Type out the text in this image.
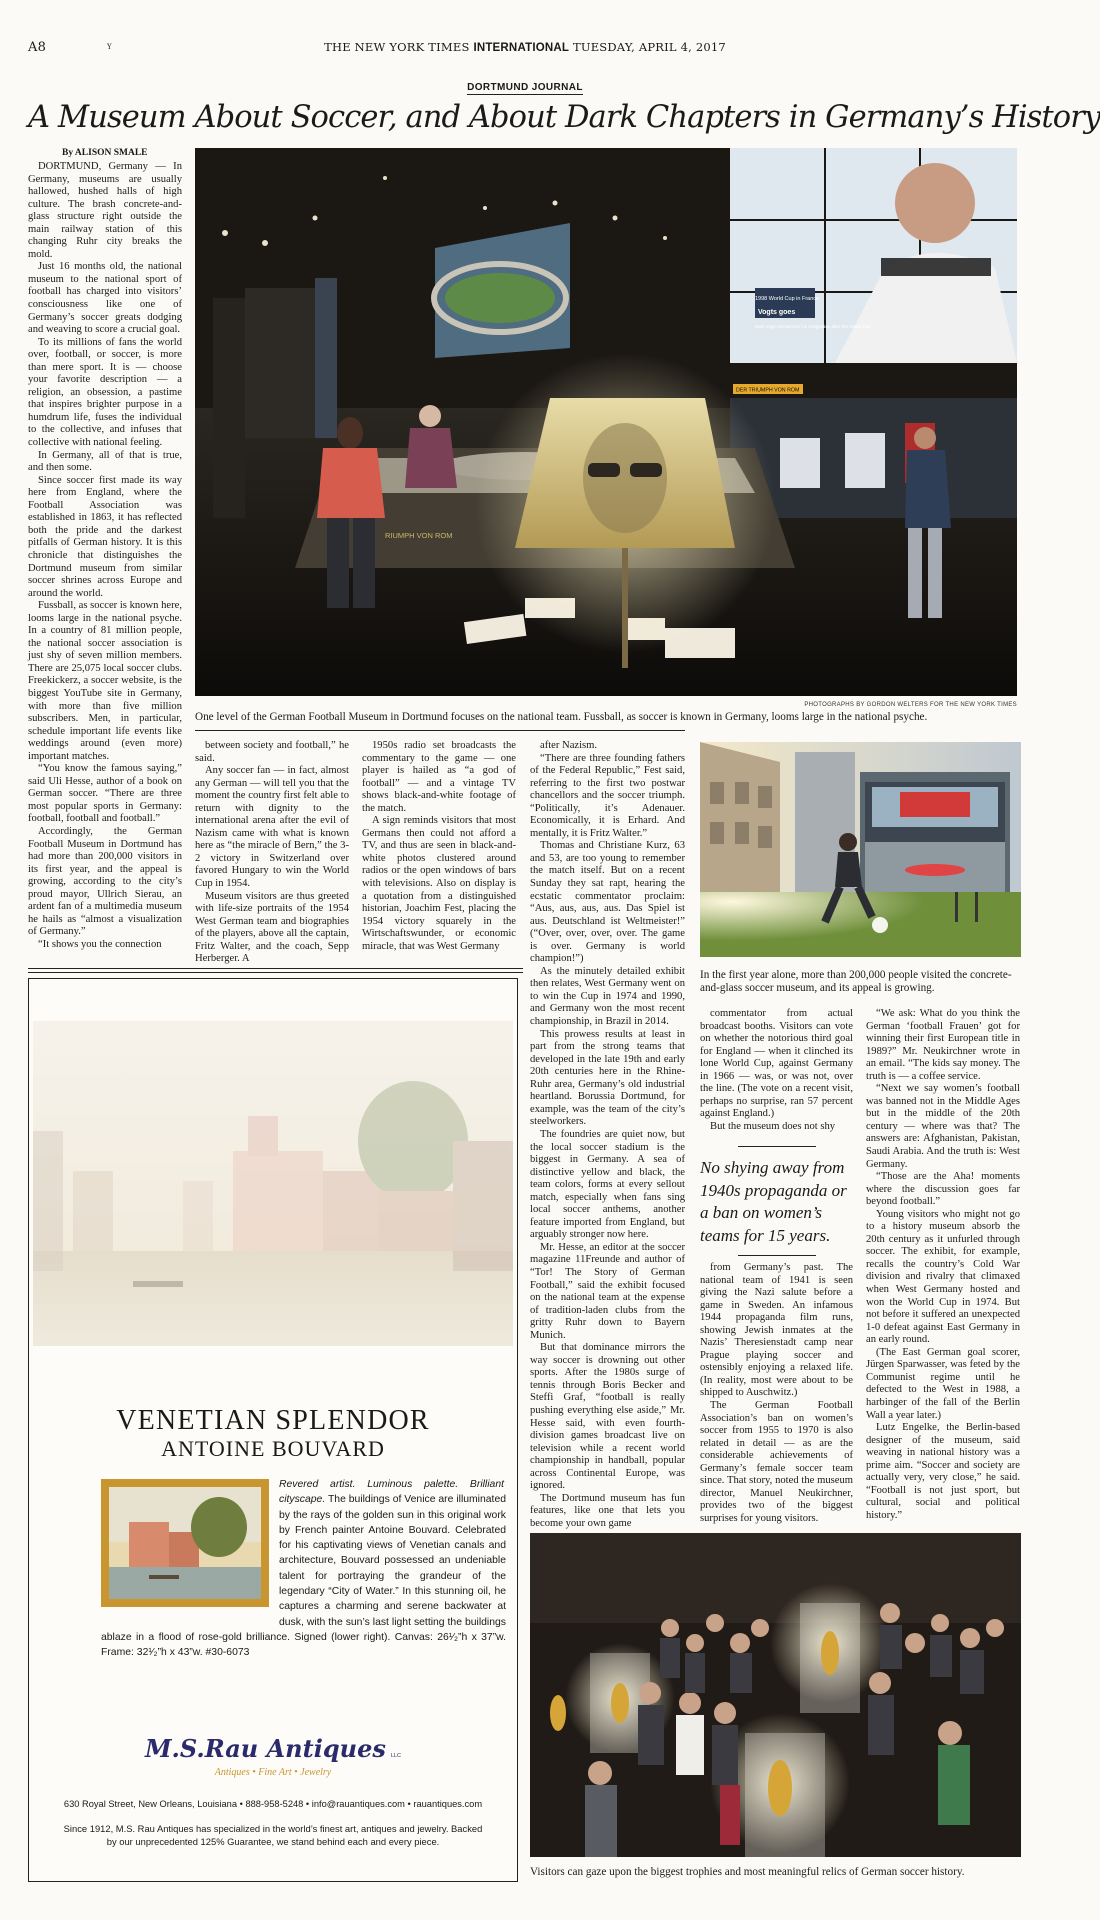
A8	Y	THE NEW YORK TIMES INTERNATIONAL TUESDAY, APRIL 4, 2017
DORTMUND JOURNAL
A Museum About Soccer, and About Dark Chapters in Germany’s History
By ALISON SMALE

DORTMUND, Germany — In Germany, museums are usually hallowed, hushed halls of high culture. The brash concrete-and-glass structure right outside the main railway station of this changing Ruhr city breaks the mold.

Just 16 months old, the national museum to the national sport of football has charged into visitors’ consciousness like one of Germany’s soccer greats dodging and weaving to score a crucial goal.

To its millions of fans the world over, football, or soccer, is more than mere sport. It is — choose your favorite description — a religion, an obsession, a pastime that inspires brighter purpose in a humdrum life, fuses the individual to the collective, and infuses that collective with national feeling.

In Germany, all of that is true, and then some.

Since soccer first made its way here from England, where the Football Association was established in 1863, it has reflected both the pride and the darkest pitfalls of German history. It is this chronicle that distinguishes the Dortmund museum from similar soccer shrines across Europe and around the world.

Fussball, as soccer is known here, looms large in the national psyche. In a country of 81 million people, the national soccer association is just shy of seven million members. There are 25,075 local soccer clubs. Freekickerz, a soccer website, is the biggest YouTube site in Germany, with more than five million subscribers. Men, in particular, schedule important life events like weddings around (even more) important matches.

“You know the famous saying,” said Uli Hesse, author of a book on German soccer. “There are three most popular sports in Germany: football, football and football.”

Accordingly, the German Football Museum in Dortmund has had more than 200,000 visitors in its first year, and the appeal is growing, according to the city’s proud mayor, Ullrich Sierau, an ardent fan of a multimedia museum he hails as “almost a visualization of Germany.”

“It shows you the connection

1998 World Cup in France
Vogts goes
Berti Vogts announces his resignation after the World Cup
DER TRIUMPH VON ROM
RIUMPH VON ROM
PHOTOGRAPHS BY GORDON WELTERS FOR THE NEW YORK TIMES
One level of the German Football Museum in Dortmund focuses on the national team. Fussball, as soccer is known in Germany, looms large in the national psyche.

between society and football,” he said.

Any soccer fan — in fact, almost any German — will tell you that the moment the country first felt able to return with dignity to the international arena after the evil of Nazism came with what is known here as “the miracle of Bern,” the 3-2 victory in Switzerland over favored Hungary to win the World Cup in 1954.

Museum visitors are thus greeted with life-size portraits of the 1954 West German team and biographies of the players, above all the captain, Fritz Walter, and the coach, Sepp Herberger. A

1950s radio set broadcasts the commentary to the game — one player is hailed as “a god of football” — and a vintage TV shows black-and-white footage of the match.

A sign reminds visitors that most Germans then could not afford a TV, and thus are seen in black-and-white photos clustered around radios or the open windows of bars with televisions. Also on display is a quotation from a distinguished historian, Joachim Fest, placing the 1954 victory squarely in the Wirtschaftswunder, or economic miracle, that was West Germany

after Nazism.

“There are three founding fathers of the Federal Republic,” Fest said, referring to the first two postwar chancellors and the soccer triumph. “Politically, it’s Adenauer. Economically, it is Erhard. And mentally, it is Fritz Walter.”

Thomas and Christiane Kurz, 63 and 53, are too young to remember the match itself. But on a recent Sunday they sat rapt, hearing the ecstatic commentator proclaim: “Aus, aus, aus, aus. Das Spiel ist aus. Deutschland ist Weltmeister!” (“Over, over, over, over. The game is over. Germany is world champion!”)

As the minutely detailed exhibit then relates, West Germany went on to win the Cup in 1974 and 1990, and Germany won the most recent championship, in Brazil in 2014.

This prowess results at least in part from the strong teams that developed in the late 19th and early 20th centuries here in the Rhine-Ruhr area, Germany’s old industrial heartland. Borussia Dortmund, for example, was the team of the city’s steelworkers.

The foundries are quiet now, but the local soccer stadium is the biggest in Germany. A sea of distinctive yellow and black, the team colors, forms at every sellout match, especially when fans sing local soccer anthems, another feature imported from England, but arguably stronger now here.

Mr. Hesse, an editor at the soccer magazine 11Freunde and author of “Tor! The Story of German Football,” said the exhibit focused on the national team at the expense of tradition-laden clubs from the gritty Ruhr down to Bayern Munich.

But that dominance mirrors the way soccer is drowning out other sports. After the 1980s surge of tennis through Boris Becker and Steffi Graf, “football is really pushing everything else aside,” Mr. Hesse said, with even fourth-division games broadcast live on television while a recent world championship in handball, popular across Continental Europe, was ignored.

The Dortmund museum has fun features, like one that lets you become your own game

In the first year alone, more than 200,000 people visited the concrete-and-glass soccer museum, and its appeal is growing.

commentator from actual broadcast booths. Visitors can vote on whether the notorious third goal for England — when it clinched its lone World Cup, against Germany in 1966 — was, or was not, over the line. (The vote on a recent visit, perhaps no surprise, ran 57 percent against England.)

But the museum does not shy

No shying away from 1940s propaganda or a ban on women’s teams for 15 years.

from Germany’s past. The national team of 1941 is seen giving the Nazi salute before a game in Sweden. An infamous 1944 propaganda film runs, showing Jewish inmates at the Nazis’ Theresienstadt camp near Prague playing soccer and ostensibly enjoying a relaxed life. (In reality, most were about to be shipped to Auschwitz.)

The German Football Association’s ban on women’s soccer from 1955 to 1970 is also related in detail — as are the considerable achievements of Germany’s female soccer team since. That story, noted the museum director, Manuel Neukirchner, provides two of the biggest surprises for young visitors.

“We ask: What do you think the German ‘football Frauen’ got for winning their first European title in 1989?” Mr. Neukirchner wrote in an email. “The kids say money. The truth is — a coffee service.

“Next we say women’s football was banned not in the Middle Ages but in the middle of the 20th century — where was that? The answers are: Afghanistan, Pakistan, Saudi Arabia. And the truth is: West Germany.

“Those are the Aha! moments where the discussion goes far beyond football.”

Young visitors who might not go to a history museum absorb the 20th century as it unfurled through soccer. The exhibit, for example, recalls the country’s Cold War division and rivalry that climaxed when West Germany hosted and won the World Cup in 1974. But not before it suffered an unexpected 1-0 defeat against East Germany in an early round.

(The East German goal scorer, Jürgen Sparwasser, was feted by the Communist regime until he defected to the West in 1988, a harbinger of the fall of the Berlin Wall a year later.)

Lutz Engelke, the Berlin-based designer of the museum, said weaving in national history was a prime aim. “Soccer and society are actually very, very close,” he said. “Football is not just sport, but cultural, social and political history.”

Visitors can gaze upon the biggest trophies and most meaningful relics of German soccer history.
VENETIAN SPLENDOR
ANTOINE BOUVARD
Revered artist. Luminous palette. Brilliant cityscape. The buildings of Venice are illuminated by the rays of the golden sun in this original work by French painter Antoine Bouvard. Celebrated for his captivating views of Venetian canals and architecture, Bouvard possessed an undeniable talent for portraying the grandeur of the legendary “City of Water.” In this stunning oil, he captures a charming and serene backwater at dusk, with the sun’s last light setting the buildings ablaze in a flood of rose-gold brilliance. Signed (lower right). Canvas: 26¹⁄₂”h x 37”w. Frame: 32¹⁄₂”h x 43”w. #30-6073
M.S.Rau Antiques LLC
Antiques • Fine Art • Jewelry
630 Royal Street, New Orleans, Louisiana • 888-958-5248 • info@rauantiques.com • rauantiques.com
Since 1912, M.S. Rau Antiques has specialized in the world’s finest art, antiques and jewelry. Backed by our unprecedented 125% Guarantee, we stand behind each and every piece.
